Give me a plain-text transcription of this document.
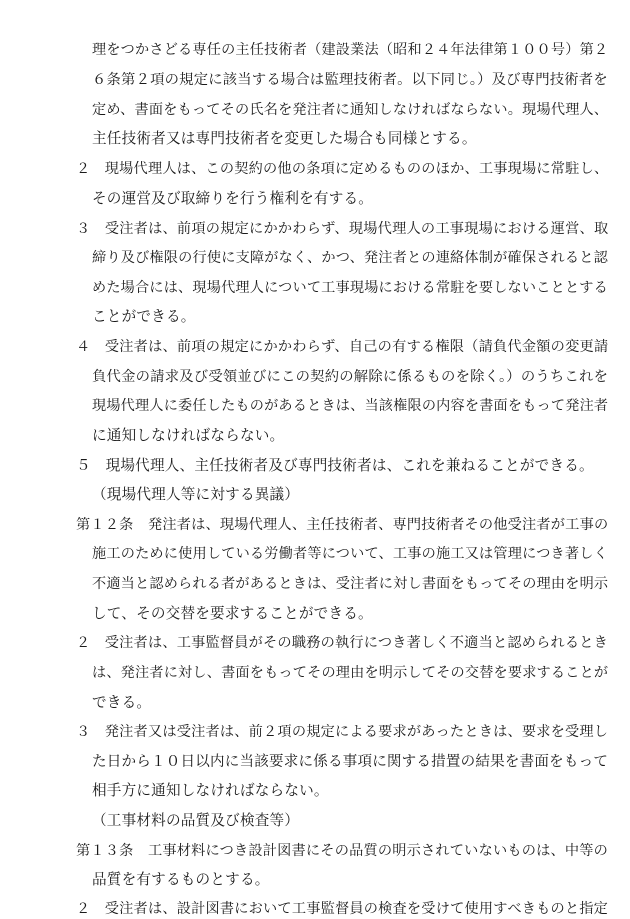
理をつかさどる専任の主任技術者（建設業法（昭和２４年法律第１００号）第２
６条第２項の規定に該当する場合は監理技術者。以下同じ。）及び専門技術者を
定め、書面をもってその氏名を発注者に通知しなければならない。現場代理人、
主任技術者又は専門技術者を変更した場合も同様とする。
２　現場代理人は、この契約の他の条項に定めるもののほか、工事現場に常駐し、
その運営及び取締りを行う権利を有する。
３　受注者は、前項の規定にかかわらず、現場代理人の工事現場における運営、取
締り及び権限の行使に支障がなく、かつ、発注者との連絡体制が確保されると認
めた場合には、現場代理人について工事現場における常駐を要しないこととする
ことができる。
４　受注者は、前項の規定にかかわらず、自己の有する権限（請負代金額の変更請
負代金の請求及び受領並びにこの契約の解除に係るものを除く。）のうちこれを
現場代理人に委任したものがあるときは、当該権限の内容を書面をもって発注者
に通知しなければならない。
５　現場代理人、主任技術者及び専門技術者は、これを兼ねることができる。
（現場代理人等に対する異議）
第１２条　発注者は、現場代理人、主任技術者、専門技術者その他受注者が工事の
施工のために使用している労働者等について、工事の施工又は管理につき著しく
不適当と認められる者があるときは、受注者に対し書面をもってその理由を明示
して、その交替を要求することができる。
２　受注者は、工事監督員がその職務の執行につき著しく不適当と認められるとき
は、発注者に対し、書面をもってその理由を明示してその交替を要求することが
できる。
３　発注者又は受注者は、前２項の規定による要求があったときは、要求を受理し
た日から１０日以内に当該要求に係る事項に関する措置の結果を書面をもって
相手方に通知しなければならない。
（工事材料の品質及び検査等）
第１３条　工事材料につき設計図書にその品質の明示されていないものは、中等の
品質を有するものとする。
２　受注者は、設計図書において工事監督員の検査を受けて使用すべきものと指定
